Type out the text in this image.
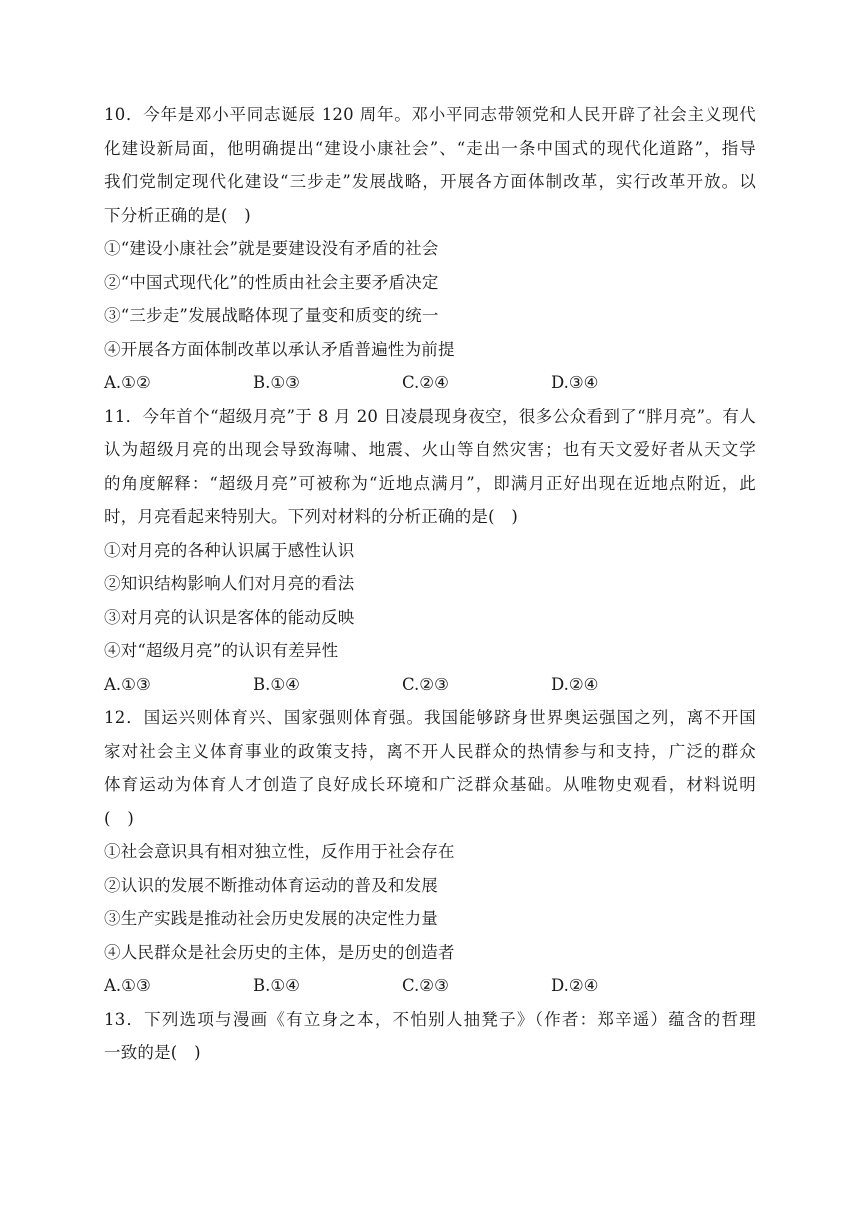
10．今年是邓小平同志诞辰 120 周年。邓小平同志带领党和人民开辟了社会主义现代
化建设新局面，他明确提出“建设小康社会”、“走出一条中国式的现代化道路”，指导
我们党制定现代化建设“三步走”发展战略，开展各方面体制改革，实行改革开放。以
下分析正确的是(　)
①“建设小康社会”就是要建设没有矛盾的社会
②“中国式现代化”的性质由社会主要矛盾决定
③“三步走”发展战略体现了量变和质变的统一
④开展各方面体制改革以承认矛盾普遍性为前提
A.①②	B.①③	C.②④	D.③④
11．今年首个“超级月亮”于 8 月 20 日凌晨现身夜空，很多公众看到了“胖月亮”。有人
认为超级月亮的出现会导致海啸、地震、火山等自然灾害；也有天文爱好者从天文学
的角度解释：“超级月亮”可被称为“近地点满月”，即满月正好出现在近地点附近，此
时，月亮看起来特别大。下列对材料的分析正确的是(　)
①对月亮的各种认识属于感性认识
②知识结构影响人们对月亮的看法
③对月亮的认识是客体的能动反映
④对“超级月亮”的认识有差异性
A.①③	B.①④	C.②③	D.②④
12．国运兴则体育兴、国家强则体育强。我国能够跻身世界奥运强国之列，离不开国
家对社会主义体育事业的政策支持，离不开人民群众的热情参与和支持，广泛的群众
体育运动为体育人才创造了良好成长环境和广泛群众基础。从唯物史观看，材料说明
(　)
①社会意识具有相对独立性，反作用于社会存在
②认识的发展不断推动体育运动的普及和发展
③生产实践是推动社会历史发展的决定性力量
④人民群众是社会历史的主体，是历史的创造者
A.①③	B.①④	C.②③	D.②④
13．下列选项与漫画《有立身之本，不怕别人抽凳子》（作者：郑辛遥）蕴含的哲理
一致的是(　)
